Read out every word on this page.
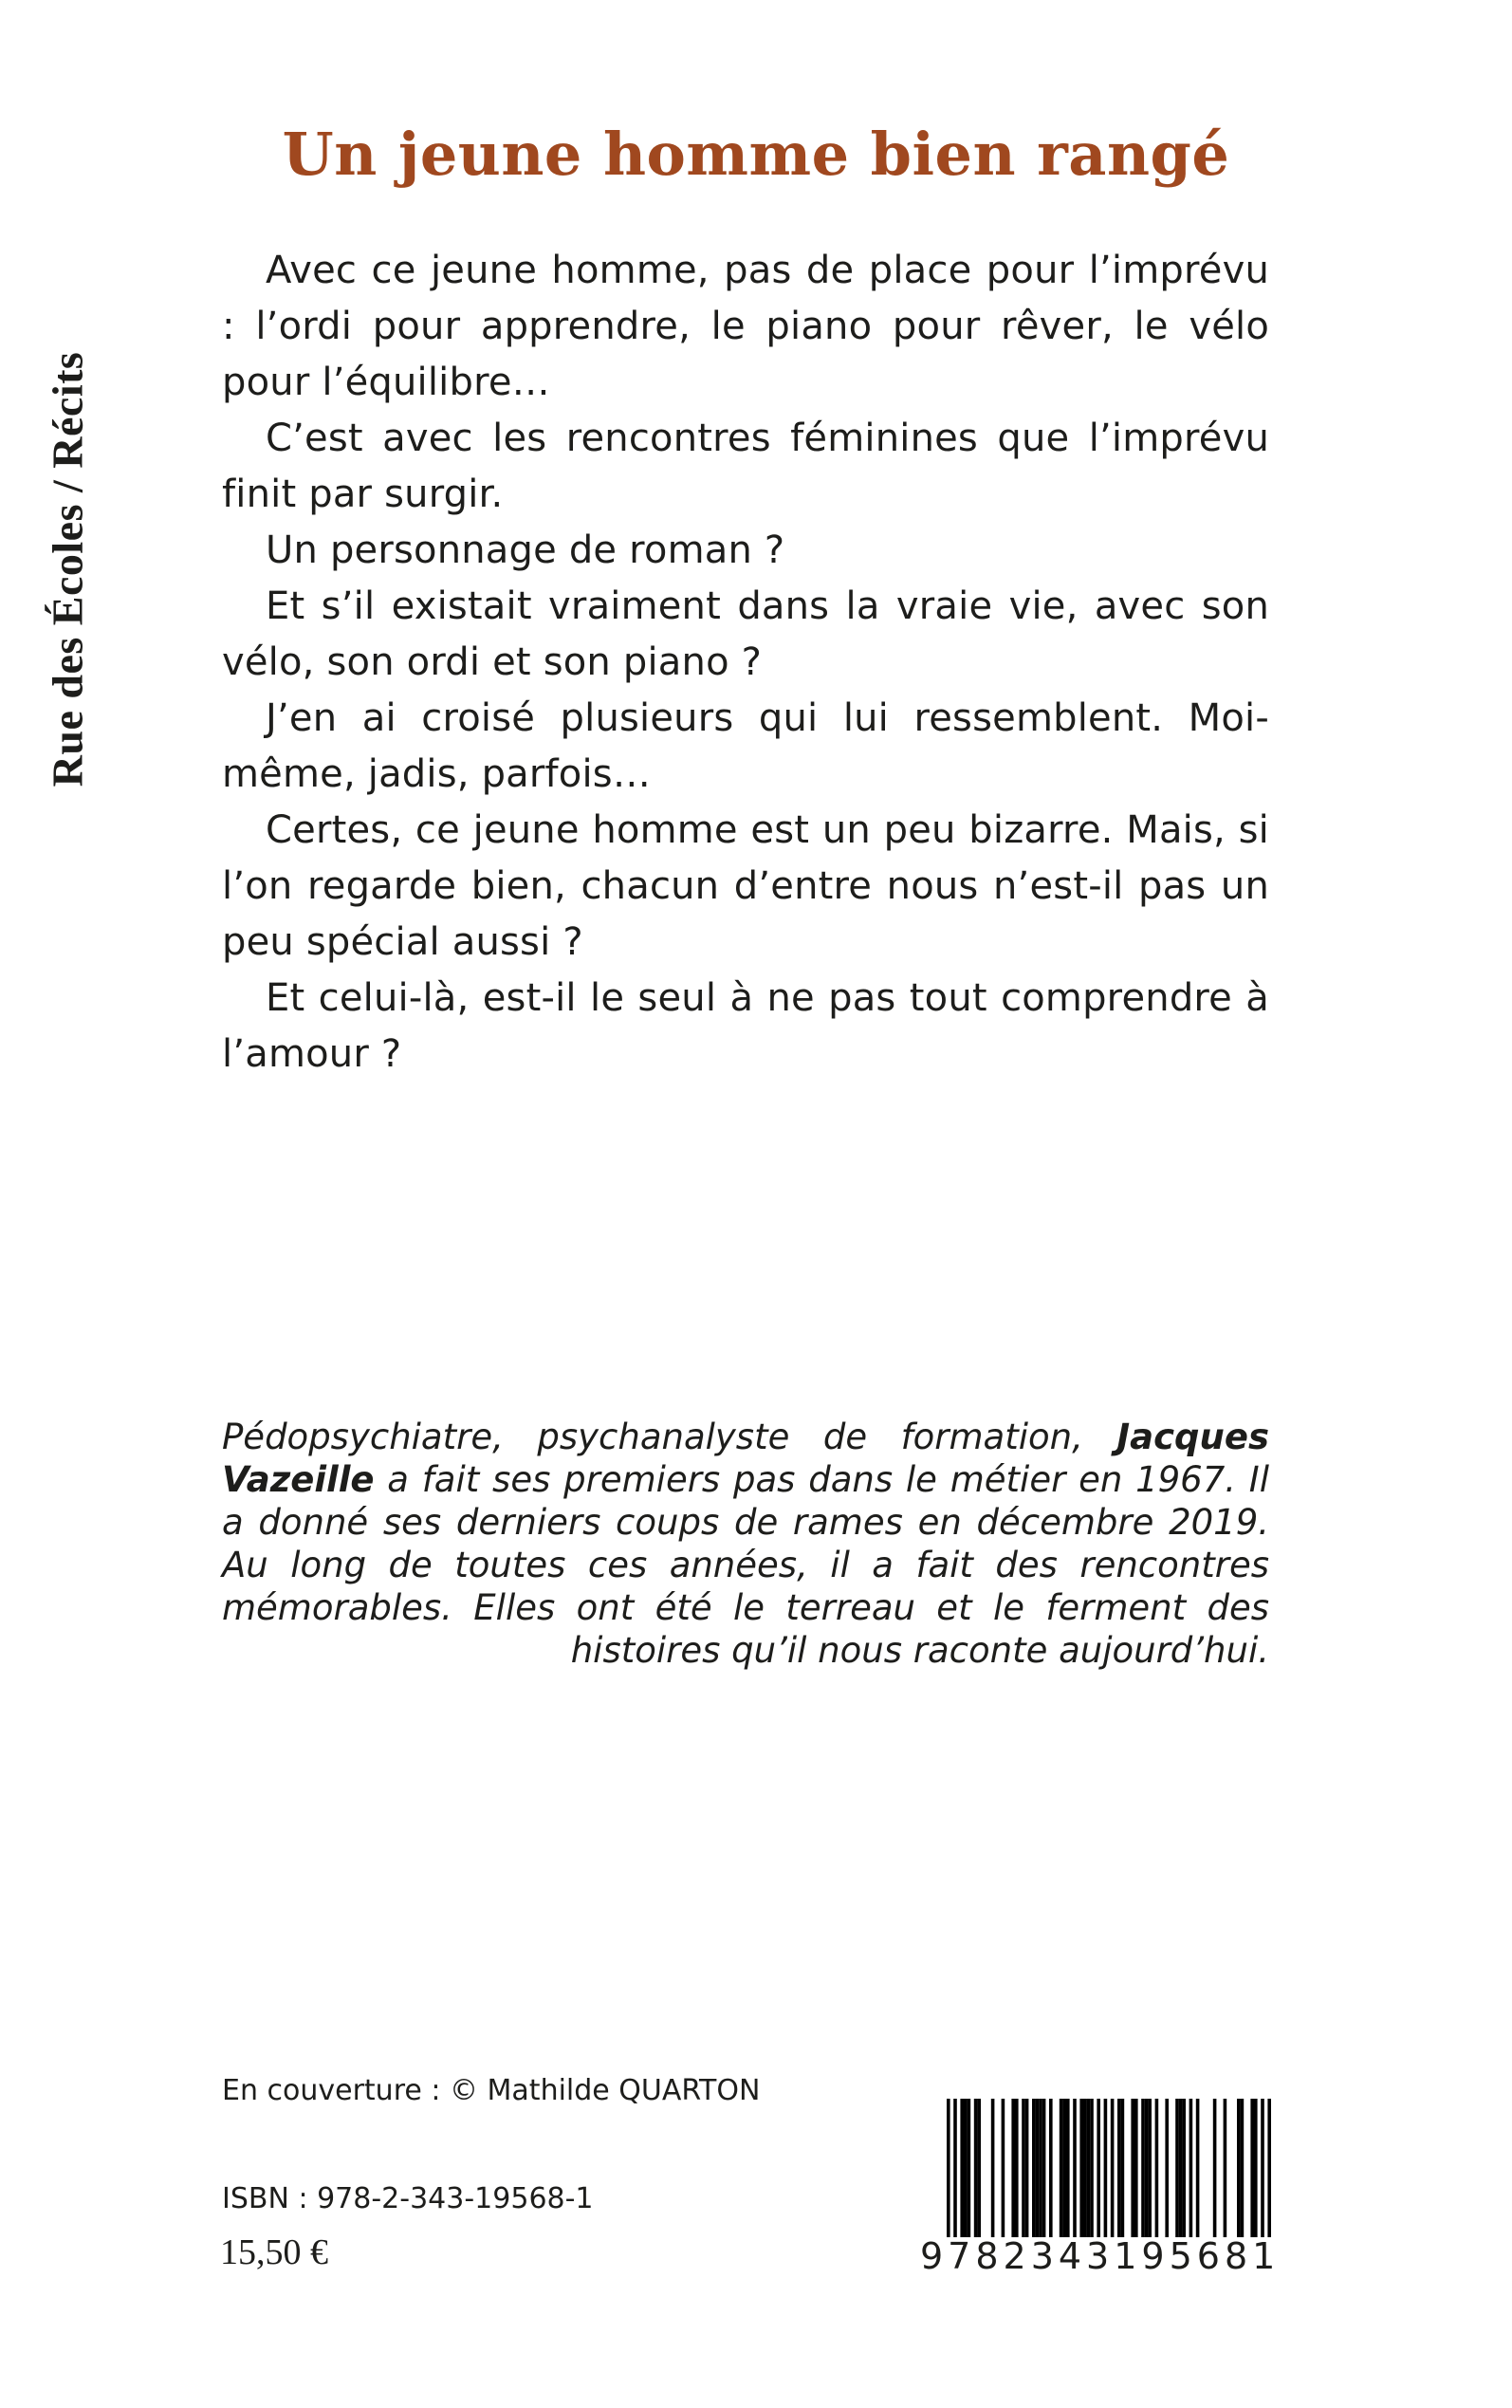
Rue des Écoles / Récits
Un jeune homme bien rangé

Avec ce jeune homme, pas de place pour l’imprévu : l’ordi pour apprendre, le piano pour rêver, le vélo pour l’équilibre…

C’est avec les rencontres féminines que l’imprévu finit par surgir.

Un personnage de roman ?

Et s’il existait vraiment dans la vraie vie, avec son vélo, son ordi et son piano ?

J’en ai croisé plusieurs qui lui ressemblent. Moi-même, jadis, parfois…

Certes, ce jeune homme est un peu bizarre. Mais, si l’on regarde bien, chacun d’entre nous n’est-il pas un peu spécial aussi ?

Et celui-là, est-il le seul à ne pas tout comprendre à l’amour ?

Pédopsychiatre, psychanalyste de formation, Jacques Vazeille a fait ses premiers pas dans le métier en 1967. Il a donné ses derniers coups de rames en décembre 2019. Au long de toutes ces années, il a fait des rencontres mémorables. Elles ont été le terreau et le ferment des histoires qu’il nous raconte aujourd’hui.

En couverture : © Mathilde QUARTON
ISBN : 978-2-343-19568-1
15,50 €	9782343195681
